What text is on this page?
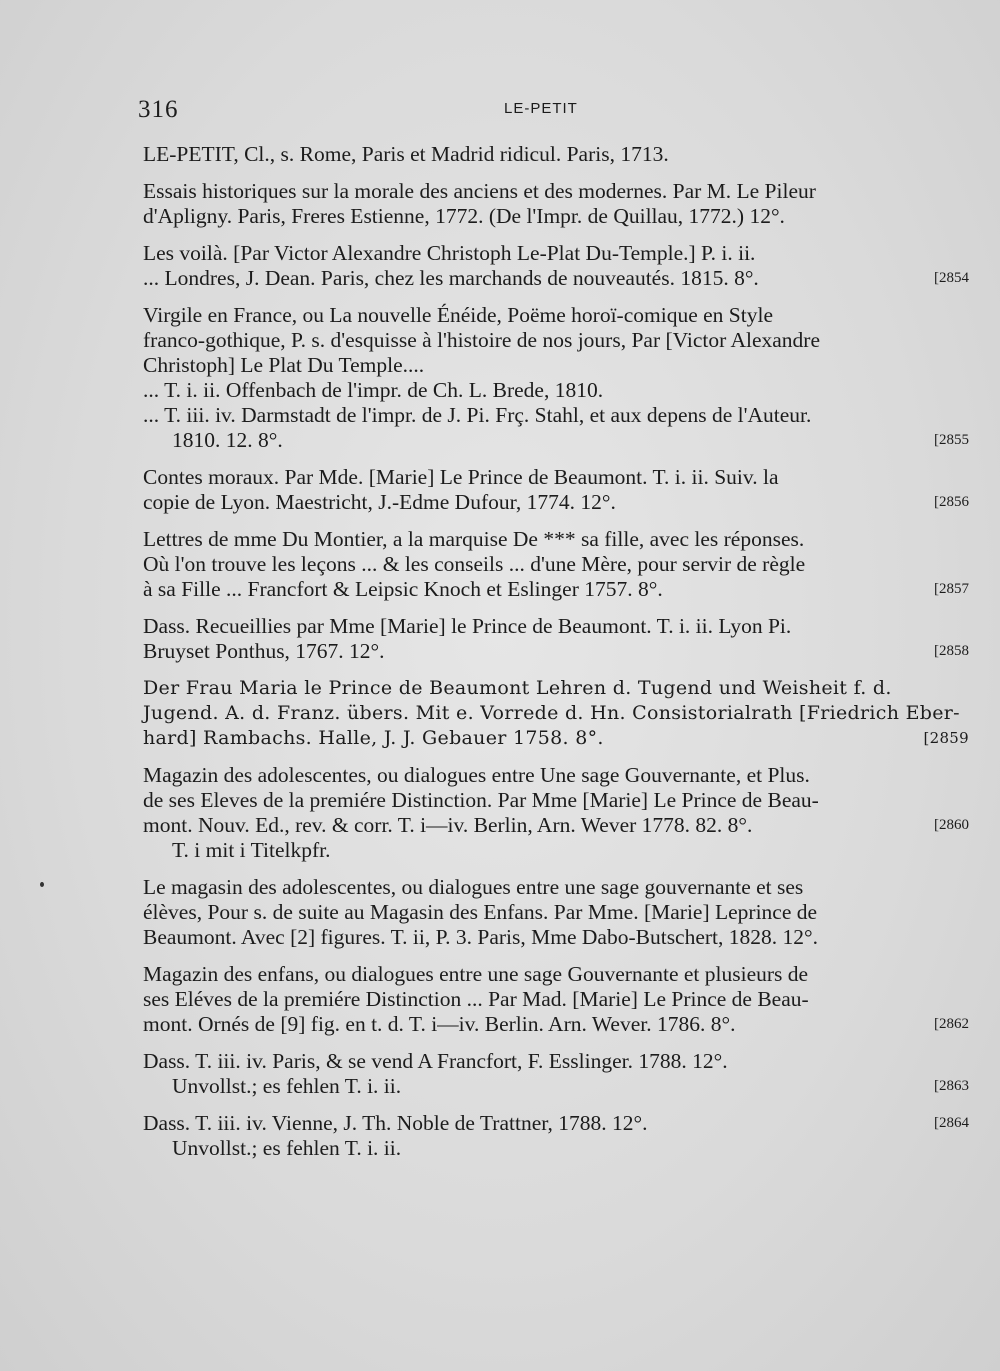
316	LE-PETIT
LE-PETIT, Cl., s. Rome, Paris et Madrid ridicul. Paris, 1713.
Essais historiques sur la morale des anciens et des modernes. Par M. Le Pileur
d'Apligny. Paris, Freres Estienne, 1772. (De l'Impr. de Quillau, 1772.) 12°.
Les voilà. [Par Victor Alexandre Christoph Le-Plat Du-Temple.] P. i. ii.
... Londres, J. Dean. Paris, chez les marchands de nouveautés. 1815. 8°.	[2854
Virgile en France, ou La nouvelle Énéide, Poëme horoï-comique en Style
franco-gothique, P. s. d'esquisse à l'histoire de nos jours, Par [Victor Alexandre
Christoph] Le Plat Du Temple....
... T. i. ii. Offenbach de l'impr. de Ch. L. Brede, 1810.
... T. iii. iv. Darmstadt de l'impr. de J. Pi. Frç. Stahl, et aux depens de l'Auteur.
1810. 12. 8°.	[2855
Contes moraux. Par Mde. [Marie] Le Prince de Beaumont. T. i. ii. Suiv. la
copie de Lyon. Maestricht, J.-Edme Dufour, 1774. 12°.	[2856
Lettres de mme Du Montier, a la marquise De *** sa fille, avec les réponses.
Où l'on trouve les leçons ... & les conseils ... d'une Mère, pour servir de règle
à sa Fille ... Francfort & Leipsic Knoch et Eslinger 1757. 8°.	[2857
Dass. Recueillies par Mme [Marie] le Prince de Beaumont. T. i. ii. Lyon Pi.
Bruyset Ponthus, 1767. 12°.	[2858
Der Frau Maria le Prince de Beaumont Lehren d. Tugend und Weisheit f. d.
Jugend. A. d. Franz. übers. Mit e. Vorrede d. Hn. Consistorialrath [Friedrich Eber-
hard] Rambachs. Halle, J. J. Gebauer 1758. 8°.	[2859
Magazin des adolescentes, ou dialogues entre Une sage Gouvernante, et Plus.
de ses Eleves de la premiére Distinction. Par Mme [Marie] Le Prince de Beau-
mont. Nouv. Ed., rev. & corr. T. i—iv. Berlin, Arn. Wever 1778. 82. 8°.
T. i mit i Titelkpfr.
[2860
Le magasin des adolescentes, ou dialogues entre une sage gouvernante et ses
élèves, Pour s. de suite au Magasin des Enfans. Par Mme. [Marie] Leprince de
Beaumont. Avec [2] figures. T. ii, P. 3. Paris, Mme Dabo-Butschert, 1828. 12°.
Magazin des enfans, ou dialogues entre une sage Gouvernante et plusieurs de
ses Eléves de la premiére Distinction ... Par Mad. [Marie] Le Prince de Beau-
mont. Ornés de [9] fig. en t. d. T. i—iv. Berlin. Arn. Wever. 1786. 8°.	[2862
Dass. T. iii. iv. Paris, & se vend A Francfort, F. Esslinger. 1788. 12°.
Unvollst.; es fehlen T. i. ii.	[2863
Dass. T. iii. iv. Vienne, J. Th. Noble de Trattner, 1788. 12°.
Unvollst.; es fehlen T. i. ii.
[2864
